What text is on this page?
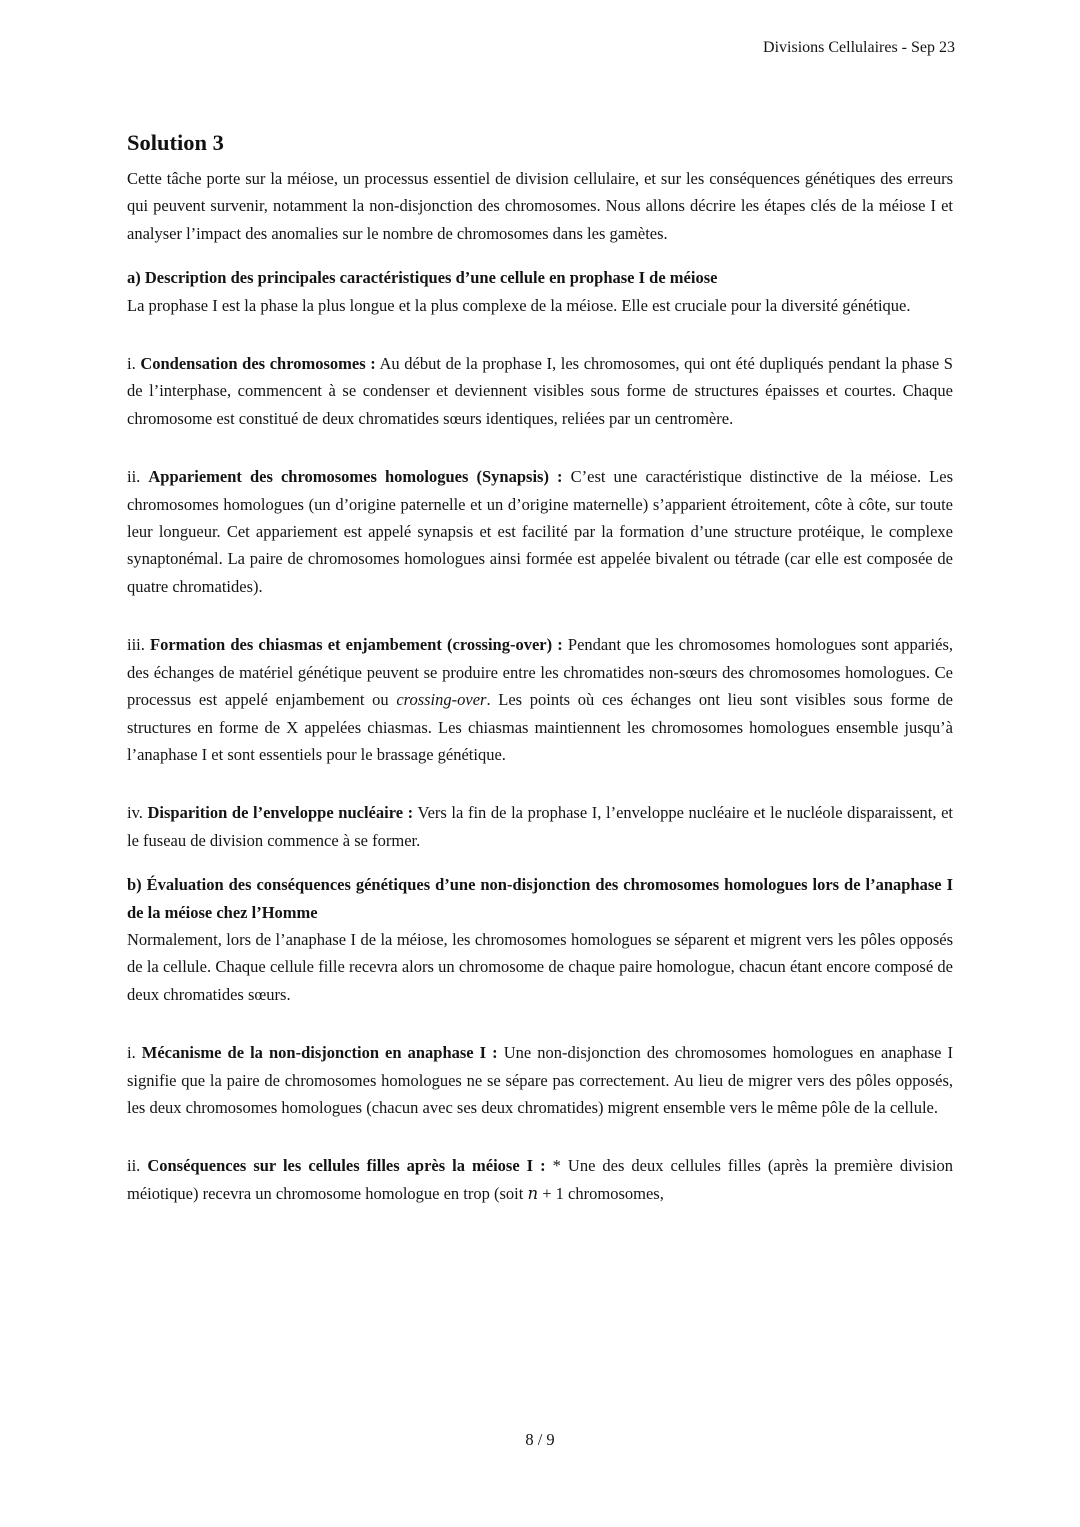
Divisions Cellulaires - Sep 23
Solution 3

Cette tâche porte sur la méiose, un processus essentiel de division cellulaire, et sur les conséquences génétiques des erreurs qui peuvent survenir, notamment la non-disjonction des chromosomes. Nous allons décrire les étapes clés de la méiose I et analyser l’impact des anomalies sur le nombre de chromosomes dans les gamètes.

a) Description des principales caractéristiques d’une cellule en prophase I de méiose

La prophase I est la phase la plus longue et la plus complexe de la méiose. Elle est cruciale pour la diversité génétique.

i. Condensation des chromosomes : Au début de la prophase I, les chromosomes, qui ont été dupliqués pendant la phase S de l’interphase, commencent à se condenser et deviennent visibles sous forme de structures épaisses et courtes. Chaque chromosome est constitué de deux chromatides sœurs identiques, reliées par un centromère.

ii. Appariement des chromosomes homologues (Synapsis) : C’est une caractéristique distinctive de la méiose. Les chromosomes homologues (un d’origine paternelle et un d’origine maternelle) s’apparient étroitement, côte à côte, sur toute leur longueur. Cet appariement est appelé synapsis et est facilité par la formation d’une structure protéique, le complexe synaptonémal. La paire de chromosomes homologues ainsi formée est appelée bivalent ou tétrade (car elle est composée de quatre chromatides).

iii. Formation des chiasmas et enjambement (crossing-over) : Pendant que les chromosomes homologues sont appariés, des échanges de matériel génétique peuvent se produire entre les chromatides non-sœurs des chromosomes homologues. Ce processus est appelé enjambement ou crossing-over. Les points où ces échanges ont lieu sont visibles sous forme de structures en forme de X appelées chiasmas. Les chiasmas maintiennent les chromosomes homologues ensemble jusqu’à l’anaphase I et sont essentiels pour le brassage génétique.

iv. Disparition de l’enveloppe nucléaire : Vers la fin de la prophase I, l’enveloppe nucléaire et le nucléole disparaissent, et le fuseau de division commence à se former.

b) Évaluation des conséquences génétiques d’une non-disjonction des chromosomes homologues lors de l’anaphase I de la méiose chez l’Homme

Normalement, lors de l’anaphase I de la méiose, les chromosomes homologues se séparent et migrent vers les pôles opposés de la cellule. Chaque cellule fille recevra alors un chromosome de chaque paire homologue, chacun étant encore composé de deux chromatides sœurs.

i. Mécanisme de la non-disjonction en anaphase I : Une non-disjonction des chromosomes homologues en anaphase I signifie que la paire de chromosomes homologues ne se sépare pas correctement. Au lieu de migrer vers des pôles opposés, les deux chromosomes homologues (chacun avec ses deux chromatides) migrent ensemble vers le même pôle de la cellule.

ii. Conséquences sur les cellules filles après la méiose I : * Une des deux cellules filles (après la première division méiotique) recevra un chromosome homologue en trop (soit n + 1 chromosomes,

8 / 9
